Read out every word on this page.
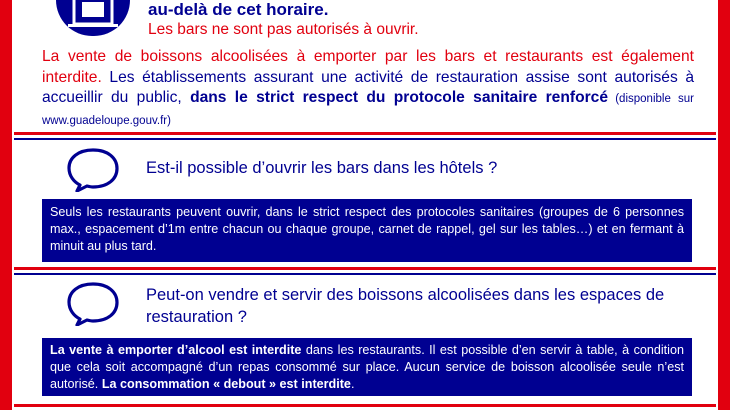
au-delà de cet horaire.

Les bars ne sont pas autorisés à ouvrir.

La vente de boissons alcoolisées à emporter par les bars et restaurants est également interdite. Les établissements assurant une activité de restauration assise sont autorisés à accueillir du public, dans le strict respect du protocole sanitaire renforcé (disponible sur www.guadeloupe.gouv.fr)

Est-il possible d’ouvrir les bars dans les hôtels ?

Seuls les restaurants peuvent ouvrir, dans le strict respect des protocoles sanitaires (groupes de 6 personnes max., espacement d’1m entre chacun ou chaque groupe, carnet de rappel, gel sur les tables…) et en fermant à minuit au plus tard.

Peut-on vendre et servir des boissons alcoolisées dans les espaces de restauration ?

La vente à emporter d’alcool est interdite dans les restaurants. Il est possible d’en servir à table, à condition que cela soit accompagné d’un repas consommé sur place. Aucun service de boisson alcoolisée seule n’est autorisé. La consommation « debout » est interdite.
